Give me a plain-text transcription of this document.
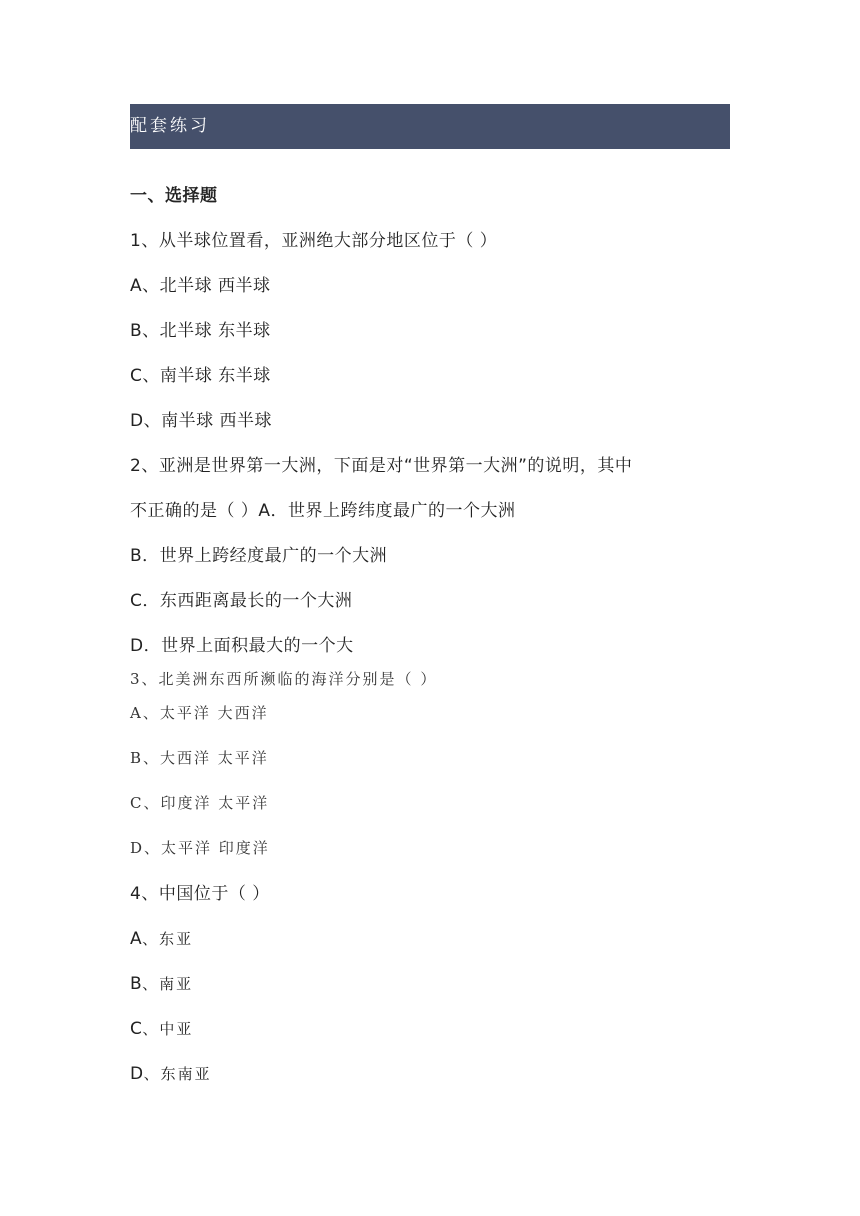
配套练习
一、选择题
1、从半球位置看，亚洲绝大部分地区位于（ ）
A、北半球 西半球
B、北半球 东半球
C、南半球 东半球
D、南半球 西半球
2、亚洲是世界第一大洲，下面是对“世界第一大洲”的说明，其中
不正确的是（ ）A．世界上跨纬度最广的一个大洲
B．世界上跨经度最广的一个大洲
C．东西距离最长的一个大洲
D．世界上面积最大的一个大
3、北美洲东西所濒临的海洋分别是（ ）
A、太平洋 大西洋
B、大西洋 太平洋
C、印度洋 太平洋
D、太平洋 印度洋
4、中国位于（ ）
A、东亚
B、南亚
C、中亚
D、东南亚
